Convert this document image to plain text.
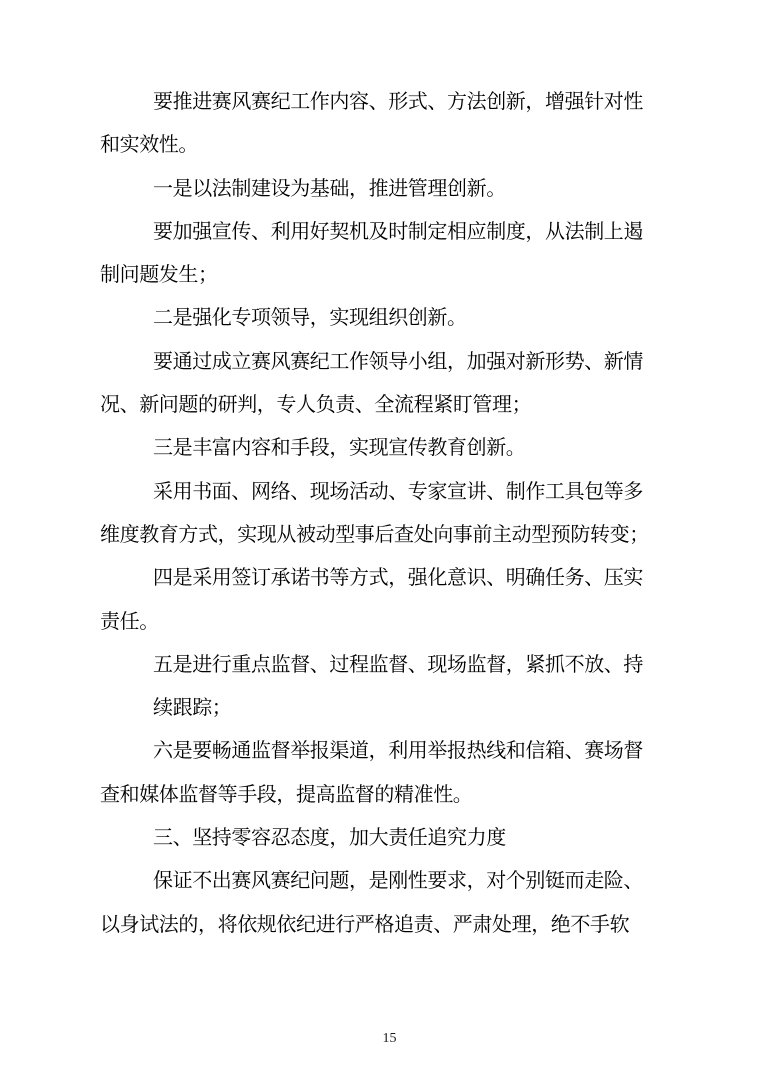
要推进赛风赛纪工作内容、形式、方法创新，增强针对性
和实效性。
一是以法制建设为基础，推进管理创新。
要加强宣传、利用好契机及时制定相应制度，从法制上遏
制问题发生；
二是强化专项领导，实现组织创新。
要通过成立赛风赛纪工作领导小组，加强对新形势、新情
况、新问题的研判，专人负责、全流程紧盯管理；
三是丰富内容和手段，实现宣传教育创新。
采用书面、网络、现场活动、专家宣讲、制作工具包等多
维度教育方式，实现从被动型事后查处向事前主动型预防转变；
四是采用签订承诺书等方式，强化意识、明确任务、压实
责任。
五是进行重点监督、过程监督、现场监督，紧抓不放、持
续跟踪；
六是要畅通监督举报渠道，利用举报热线和信箱、赛场督
查和媒体监督等手段，提高监督的精准性。
三、坚持零容忍态度，加大责任追究力度
保证不出赛风赛纪问题，是刚性要求，对个别铤而走险、
以身试法的，将依规依纪进行严格追责、严肃处理，绝不手软
15
